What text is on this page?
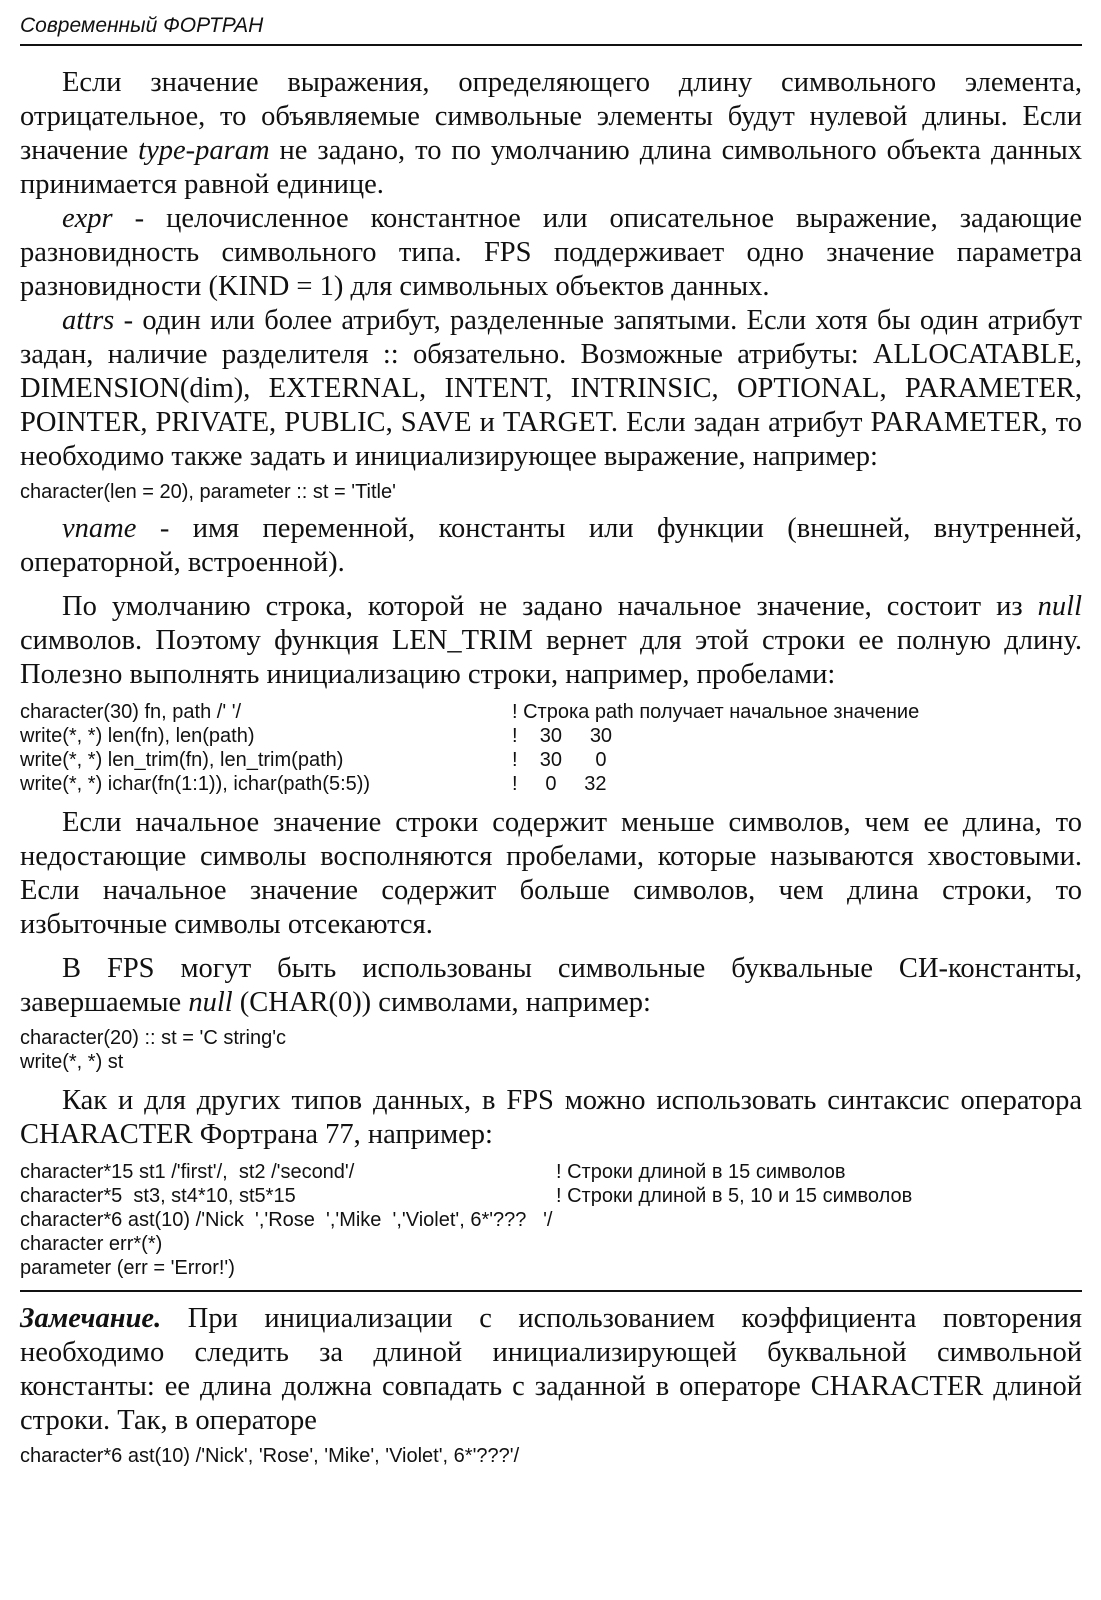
Современный ФОРТРАН

Если значение выражения, определяющего длину символьного элемента, отрицательное, то объявляемые символьные элементы будут нулевой длины. Если значение type-param не задано, то по умолчанию длина символьного объекта данных принимается равной единице.

expr - целочисленное константное или описательное выражение, задающие разновидность символьного типа. FPS поддерживает одно значение параметра разновидности (KIND = 1) для символьных объектов данных.

attrs - один или более атрибут, разделенные запятыми. Если хотя бы один атрибут задан, наличие разделителя :: обязательно. Возможные атрибуты: ALLOCATABLE, DIMENSION(dim), EXTERNAL, INTENT, INTRINSIC, OPTIONAL, PARAMETER, POINTER, PRIVATE, PUBLIC, SAVE и TARGET. Если задан атрибут PARAMETER, то необходимо также задать и инициализирующее выражение, например:

character(len = 20), parameter :: st = 'Title'

vname - имя переменной, константы или функции (внешней, внутренней, операторной, встроенной).

По умолчанию строка, которой не задано начальное значение, состоит из null символов. Поэтому функция LEN_TRIM вернет для этой строки ее полную длину. Полезно выполнять инициализацию строки, например, пробелами:

character(30) fn, path /' '/	! Строка path получает начальное значение
write(*, *) len(fn), len(path)	!    30     30
write(*, *) len_trim(fn), len_trim(path)	!    30      0
write(*, *) ichar(fn(1:1)), ichar(path(5:5))	!     0     32

Если начальное значение строки содержит меньше символов, чем ее длина, то недостающие символы восполняются пробелами, которые называются хвостовыми. Если начальное значение содержит больше символов, чем длина строки, то избыточные символы отсекаются.

В FPS могут быть использованы символьные буквальные СИ-константы, завершаемые null (CHAR(0)) символами, например:

character(20) :: st = 'C string'c
write(*, *) st

Как и для других типов данных, в FPS можно использовать синтаксис оператора CHARACTER Фортрана 77, например:

character*15 st1 /'first'/,  st2 /'second'/	! Строки длиной в 15 символов
character*5  st3, st4*10, st5*15	! Строки длиной в 5, 10 и 15 символов
character*6 ast(10) /'Nick  ','Rose  ','Mike  ','Violet', 6*'???   '/
character err*(*)
parameter (err = 'Error!')

Замечание. При инициализации с использованием коэффициента повторения необходимо следить за длиной инициализирующей буквальной символьной константы: ее длина должна совпадать с заданной в операторе CHARACTER длиной строки. Так, в операторе

character*6 ast(10) /'Nick', 'Rose', 'Mike', 'Violet', 6*'???'/
